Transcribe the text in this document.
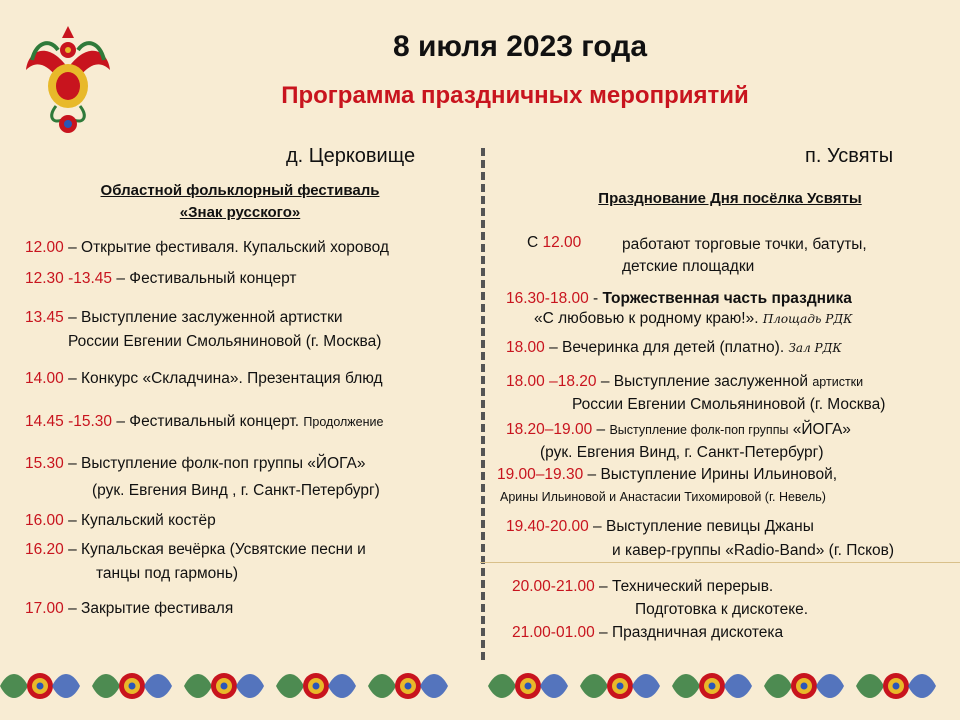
8 июля 2023 года
Программа праздничных мероприятий
д. Церковище	п. Усвяты
Областной фольклорный фестиваль
«Знак русского»
Празднование Дня посёлка Усвяты
12.00 – Открытие фестиваля. Купальский хоровод
12.30 -13.45 – Фестивальный концерт
13.45 – Выступление заслуженной артистки
России Евгении Смольяниновой (г. Москва)
14.00 – Конкурс «Складчина». Презентация блюд
14.45 -15.30 – Фестивальный концерт. Продолжение
15.30 – Выступление фолк-поп группы «ЙОГА»
(рук. Евгения Винд , г. Санкт-Петербург)
16.00 – Купальский костёр
16.20 – Купальская вечёрка (Усвятские песни и
танцы под гармонь)
17.00 – Закрытие фестиваля
С 12.00	работают торговые точки, батуты,
детские площадки
16.30-18.00 - Торжественная часть праздника
«С любовью к родному краю!». Площадь РДК
18.00 – Вечеринка для детей (платно). Зал РДК
18.00 –18.20 – Выступление заслуженной артистки
России Евгении Смольяниновой (г. Москва)
18.20–19.00 – Выступление фолк-поп группы «ЙОГА»
(рук. Евгения Винд, г. Санкт-Петербург)
19.00–19.30 – Выступление Ирины Ильиновой,
Арины Ильиновой и Анастасии Тихомировой (г. Невель)
19.40-20.00 – Выступление певицы Джаны
и кавер-группы «Radio-Band» (г. Псков)
20.00-21.00 – Технический перерыв.
Подготовка к дискотеке.
21.00-01.00 – Праздничная дискотека
